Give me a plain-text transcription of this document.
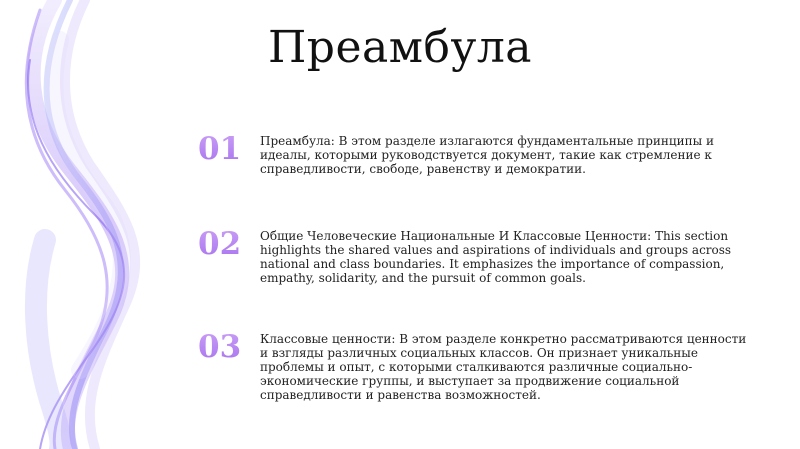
Преамбула
01	Преамбула: В этом разделе излагаются фундаментальные принципы и идеалы, которыми руководствуется документ, такие как стремление к справедливости, свободе, равенству и демократии.
02	Общие Человеческие Национальные И Классовые Ценности: This section highlights the shared values and aspirations of individuals and groups across national and class boundaries. It emphasizes the importance of compassion, empathy, solidarity, and the pursuit of common goals.
03	Классовые ценности: В этом разделе конкретно рассматриваются ценности и взгляды различных социальных классов. Он признает уникальные проблемы и опыт, с которыми сталкиваются различные социально-экономические группы, и выступает за продвижение социальной справедливости и равенства возможностей.
